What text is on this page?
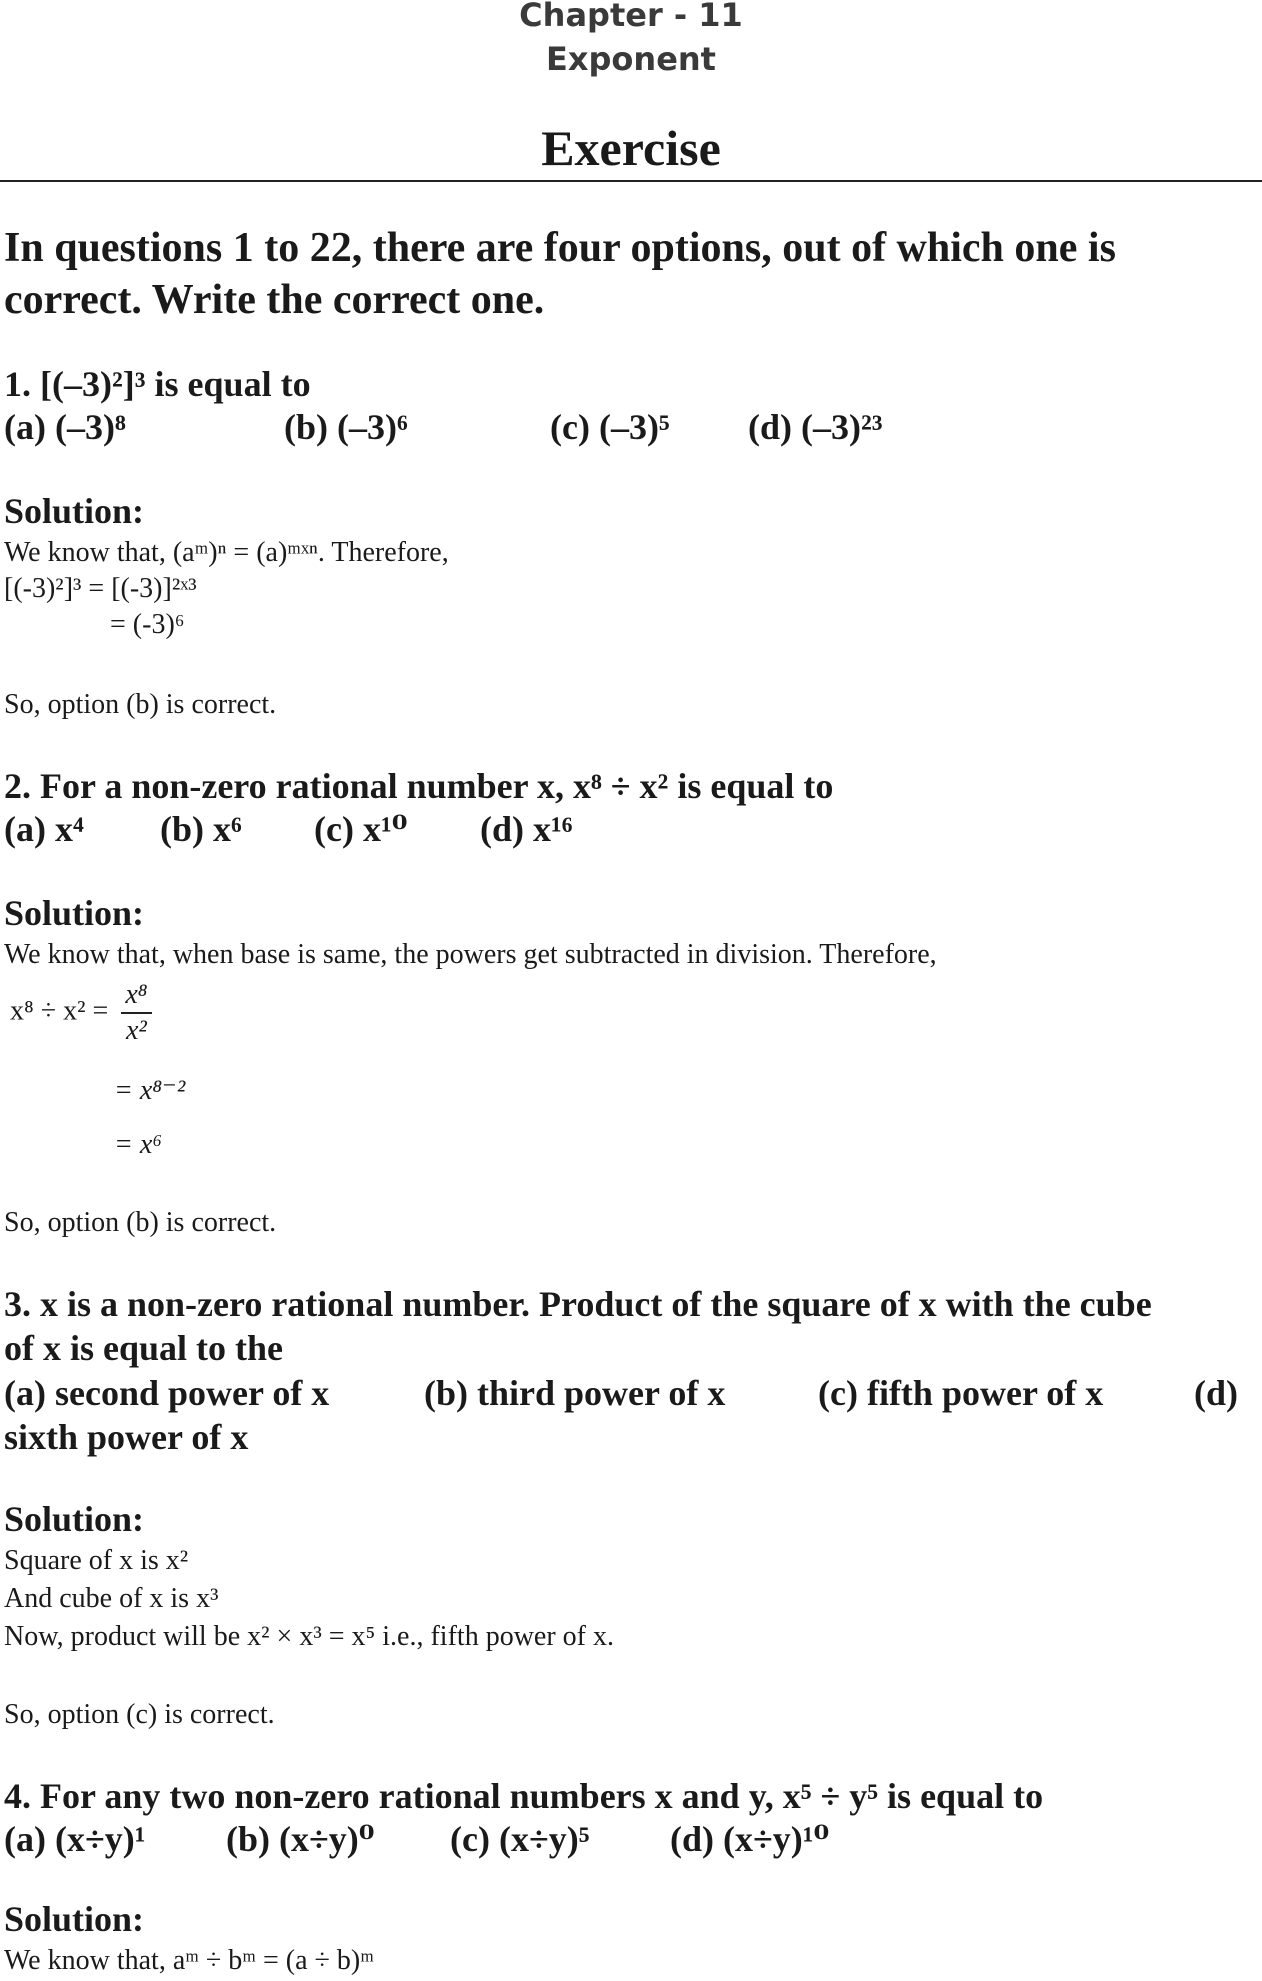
Chapter - 11
Exponent
Exercise
In questions 1 to 22, there are four options, out of which one is correct. Write the correct one.
1. [(–3)²]³ is equal to
(a) (–3)⁸	(b) (–3)⁶	(c) (–3)⁵ (d) (–3)²³
Solution:
We know that, (aᵐ)ⁿ = (a)ᵐˣⁿ. Therefore,
[(-3)²]³ = [(-3)]²ˣ³
= (-3)⁶
So, option (b) is correct.
2. For a non-zero rational number x, x⁸ ÷ x² is equal to
(a) x⁴ (b) x⁶ (c) x¹⁰ (d) x¹⁶
Solution:
We know that, when base is same, the powers get subtracted in division. Therefore,
$x^8 \div x^2 = \frac{\text{x⁸}}{\text{x²}}$
= x⁸⁻²
= x⁶
So, option (b) is correct.
3. x is a non-zero rational number. Product of the square of x with the cube
of x is equal to the
(a) second power of x	(b) third power of x	(c) fifth power of x	(d)
sixth power of x
Solution:
Square of x is x²
And cube of x is x³
Now, product will be x² × x³ = x⁵ i.e., fifth power of x.
So, option (c) is correct.
4. For any two non-zero rational numbers x and y, x⁵ ÷ y⁵ is equal to
(a) (x÷y)¹ (b) (x÷y)⁰ (c) (x÷y)⁵ (d) (x÷y)¹⁰
Solution:
We know that, aᵐ ÷ bᵐ = (a ÷ b)ᵐ
